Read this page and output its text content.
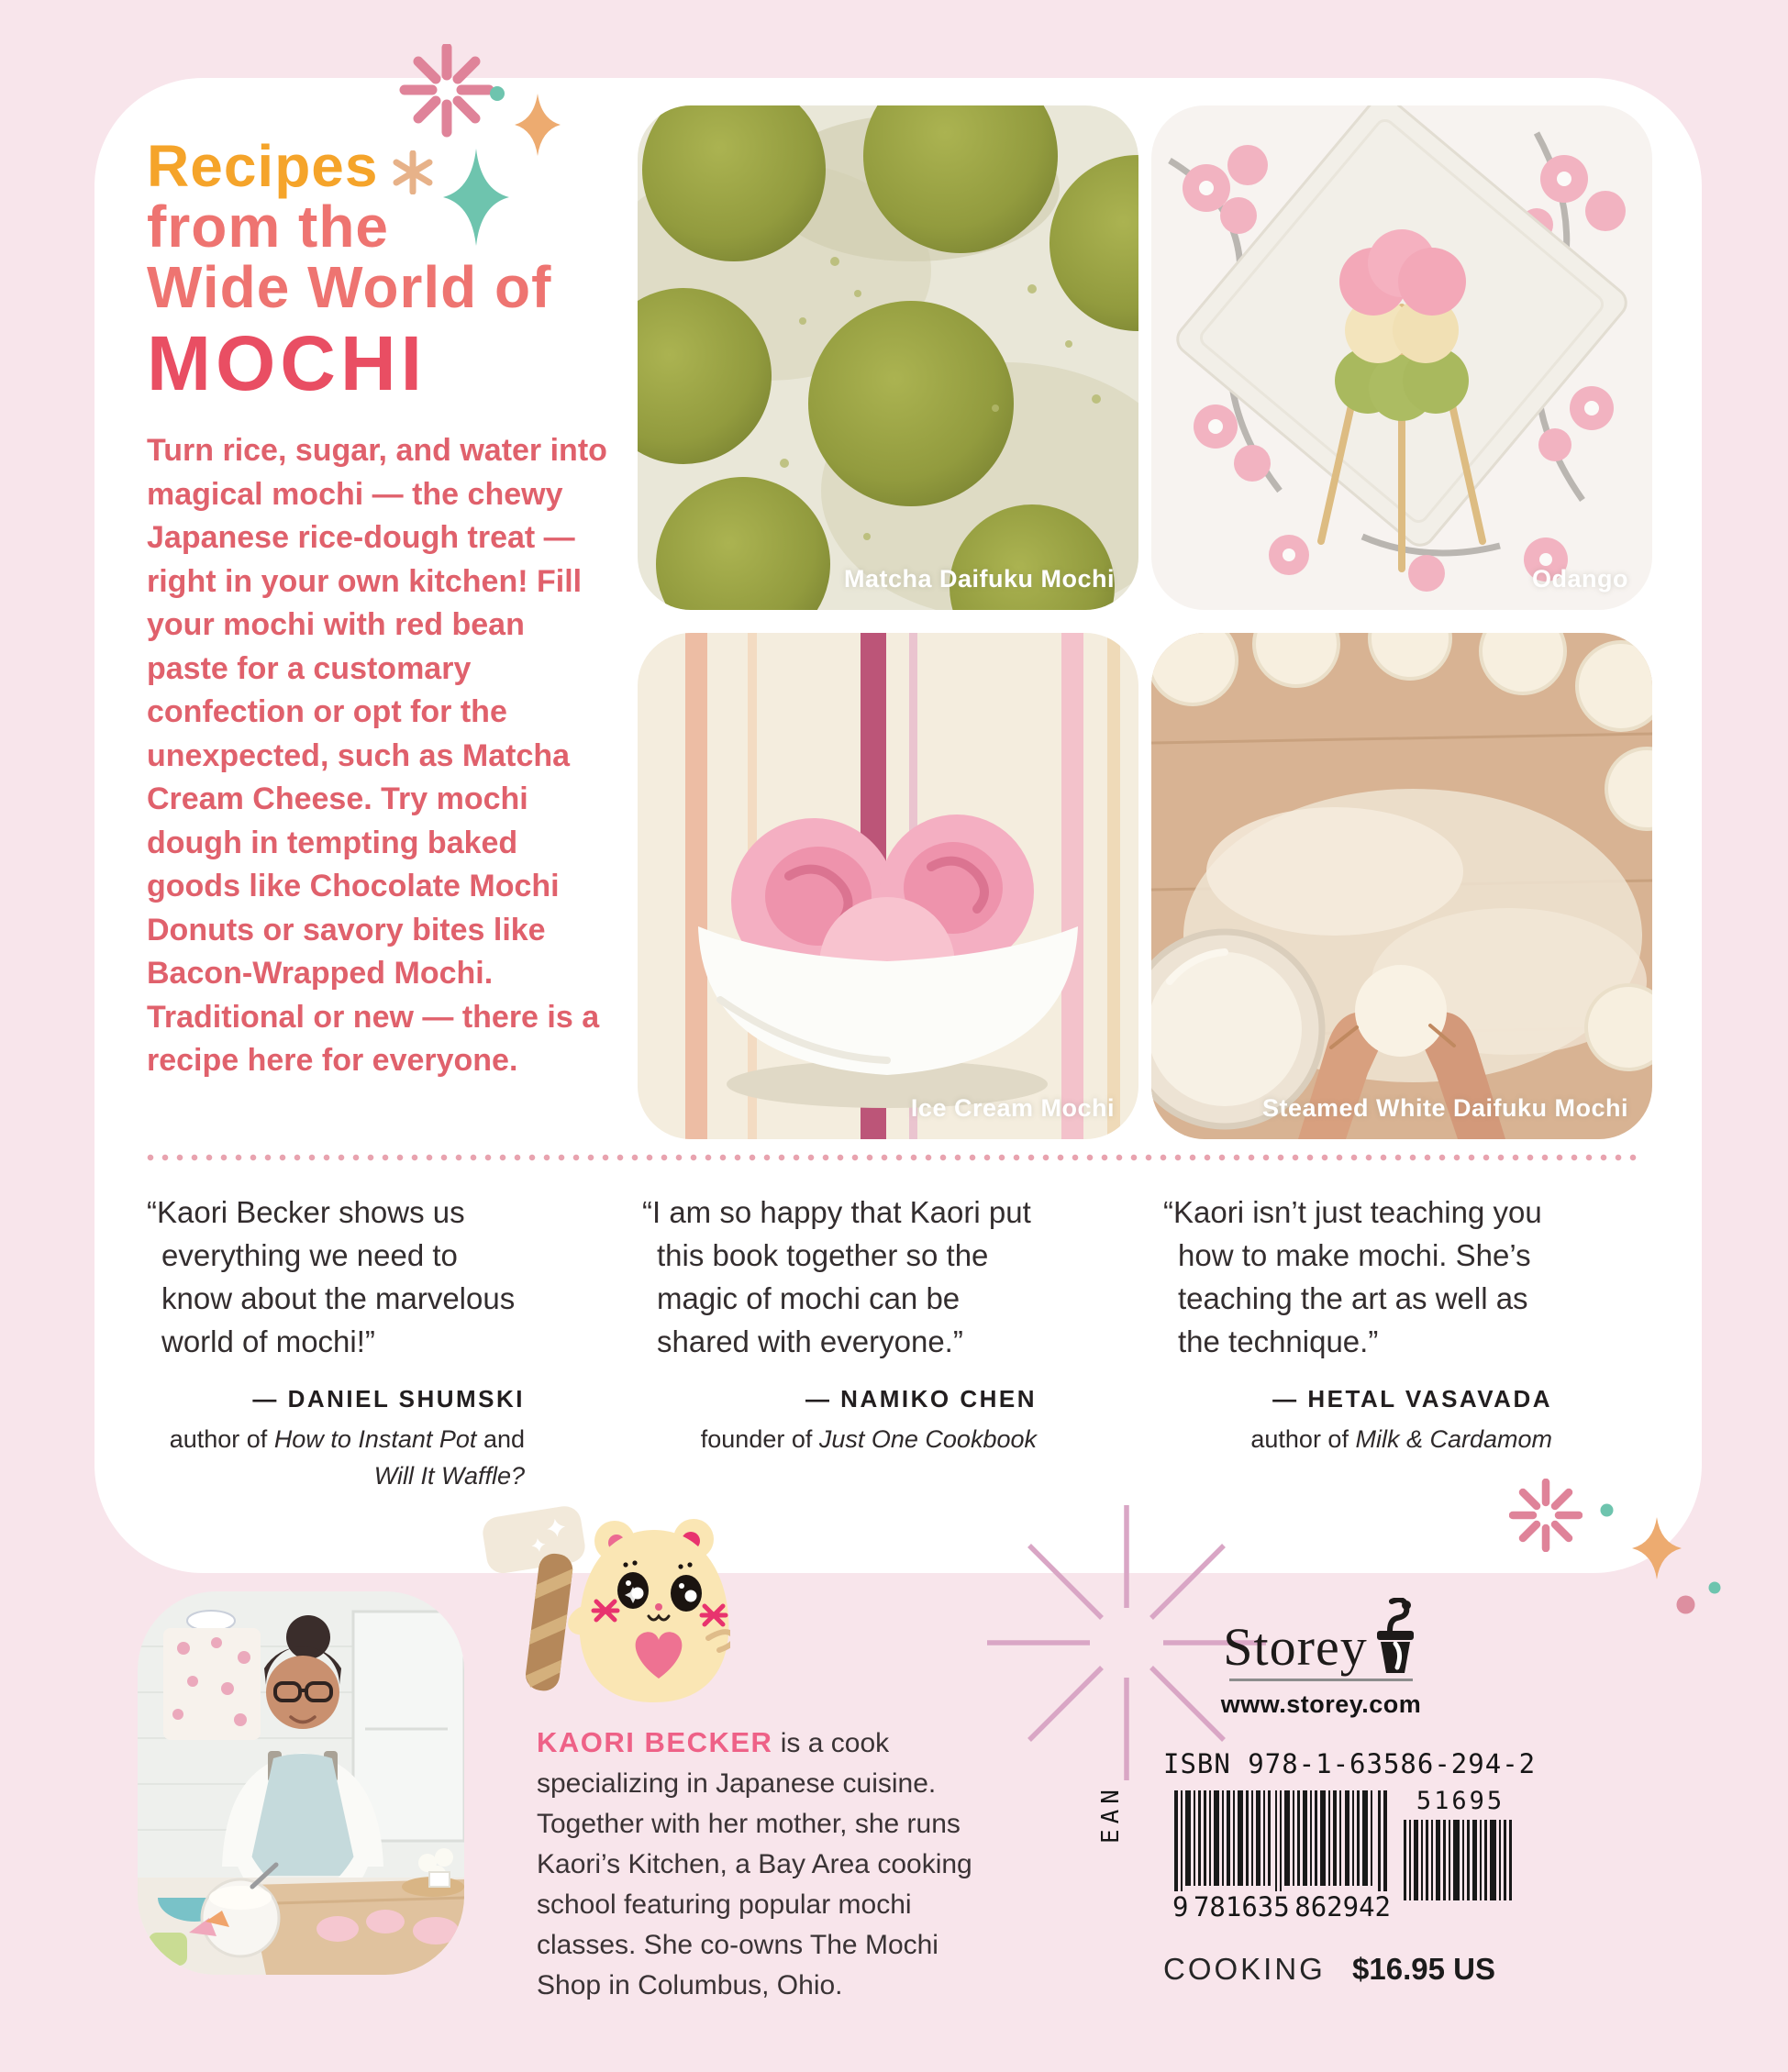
Recipes
from the
Wide World of
MOCHI
Turn rice, sugar, and water into magical mochi — the chewy Japanese rice-dough treat — right in your own kitchen! Fill your mochi with red bean paste for a customary confection or opt for the unexpected, such as Matcha Cream Cheese. Try mochi dough in tempting baked goods like Chocolate Mochi Donuts or savory bites like Bacon-Wrapped Mochi. Traditional or new — there is a recipe here for everyone.
Matcha Daifuku Mochi	Odango
Ice Cream Mochi	Steamed White Daifuku Mochi
“Kaori Becker shows us everything we need to know about the marvelous world of mochi!”
— DANIEL SHUMSKI
author of How to Instant Pot and Will It Waffle?
“I am so happy that Kaori put this book together so the magic of mochi can be shared with everyone.”
— NAMIKO CHEN
founder of Just One Cookbook
“Kaori isn’t just teaching you how to make mochi. She’s teaching the art as well as the technique.”
— HETAL VASAVADA
author of Milk & Cardamom
KAORI BECKER is a cook specializing in Japanese cuisine. Together with her mother, she runs Kaori’s Kitchen, a Bay Area cooking school featuring popular mochi classes. She co-owns The Mochi Shop in Columbus, Ohio.
Storey
www.storey.com
ISBN 978-1-63586-294-2
EAN
9 781635 862942
51695
COOKING $16.95 US
